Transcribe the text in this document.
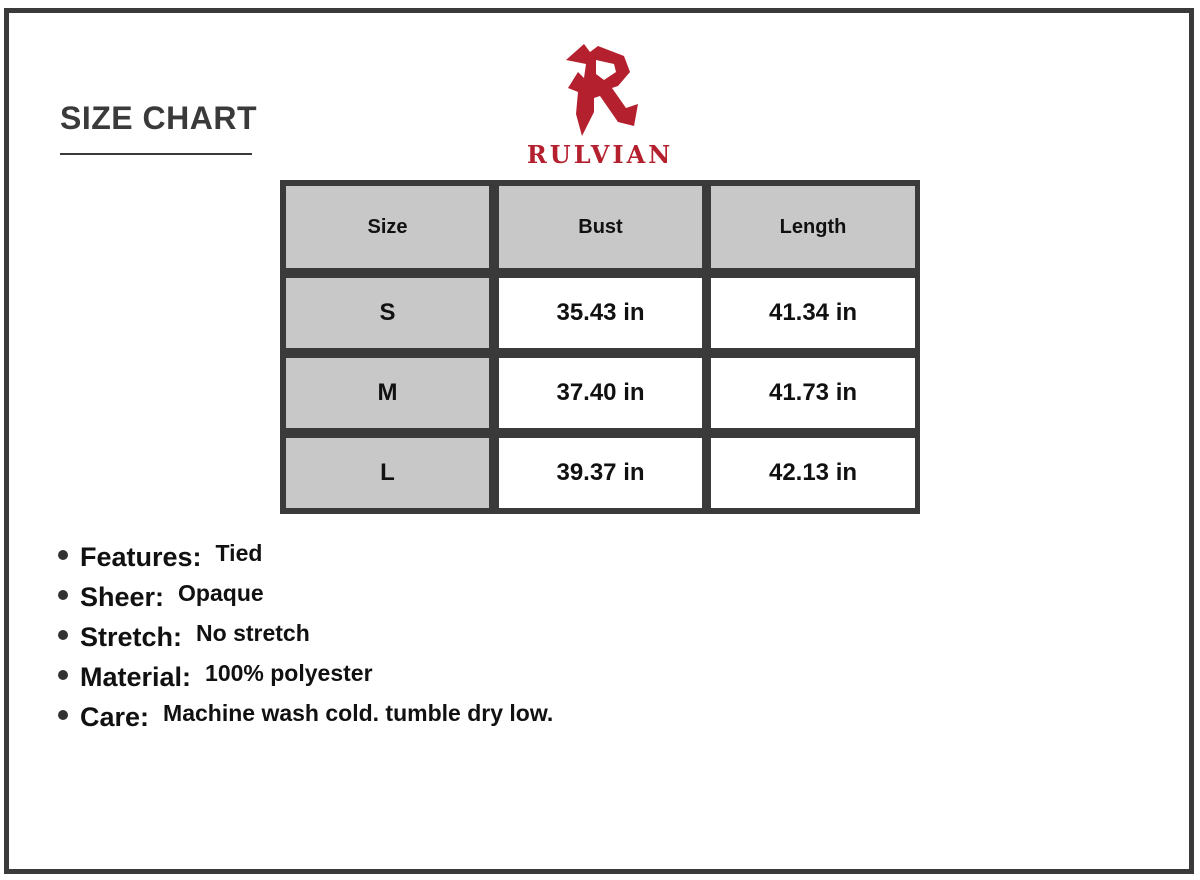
SIZE CHART
RULVIAN
Size	Bust	Length
S	35.43 in	41.34 in
M	37.40 in	41.73 in
L	39.37 in	42.13 in
Features: Tied
Sheer: Opaque
Stretch: No stretch
Material: 100% polyester
Care: Machine wash cold. tumble dry low.
